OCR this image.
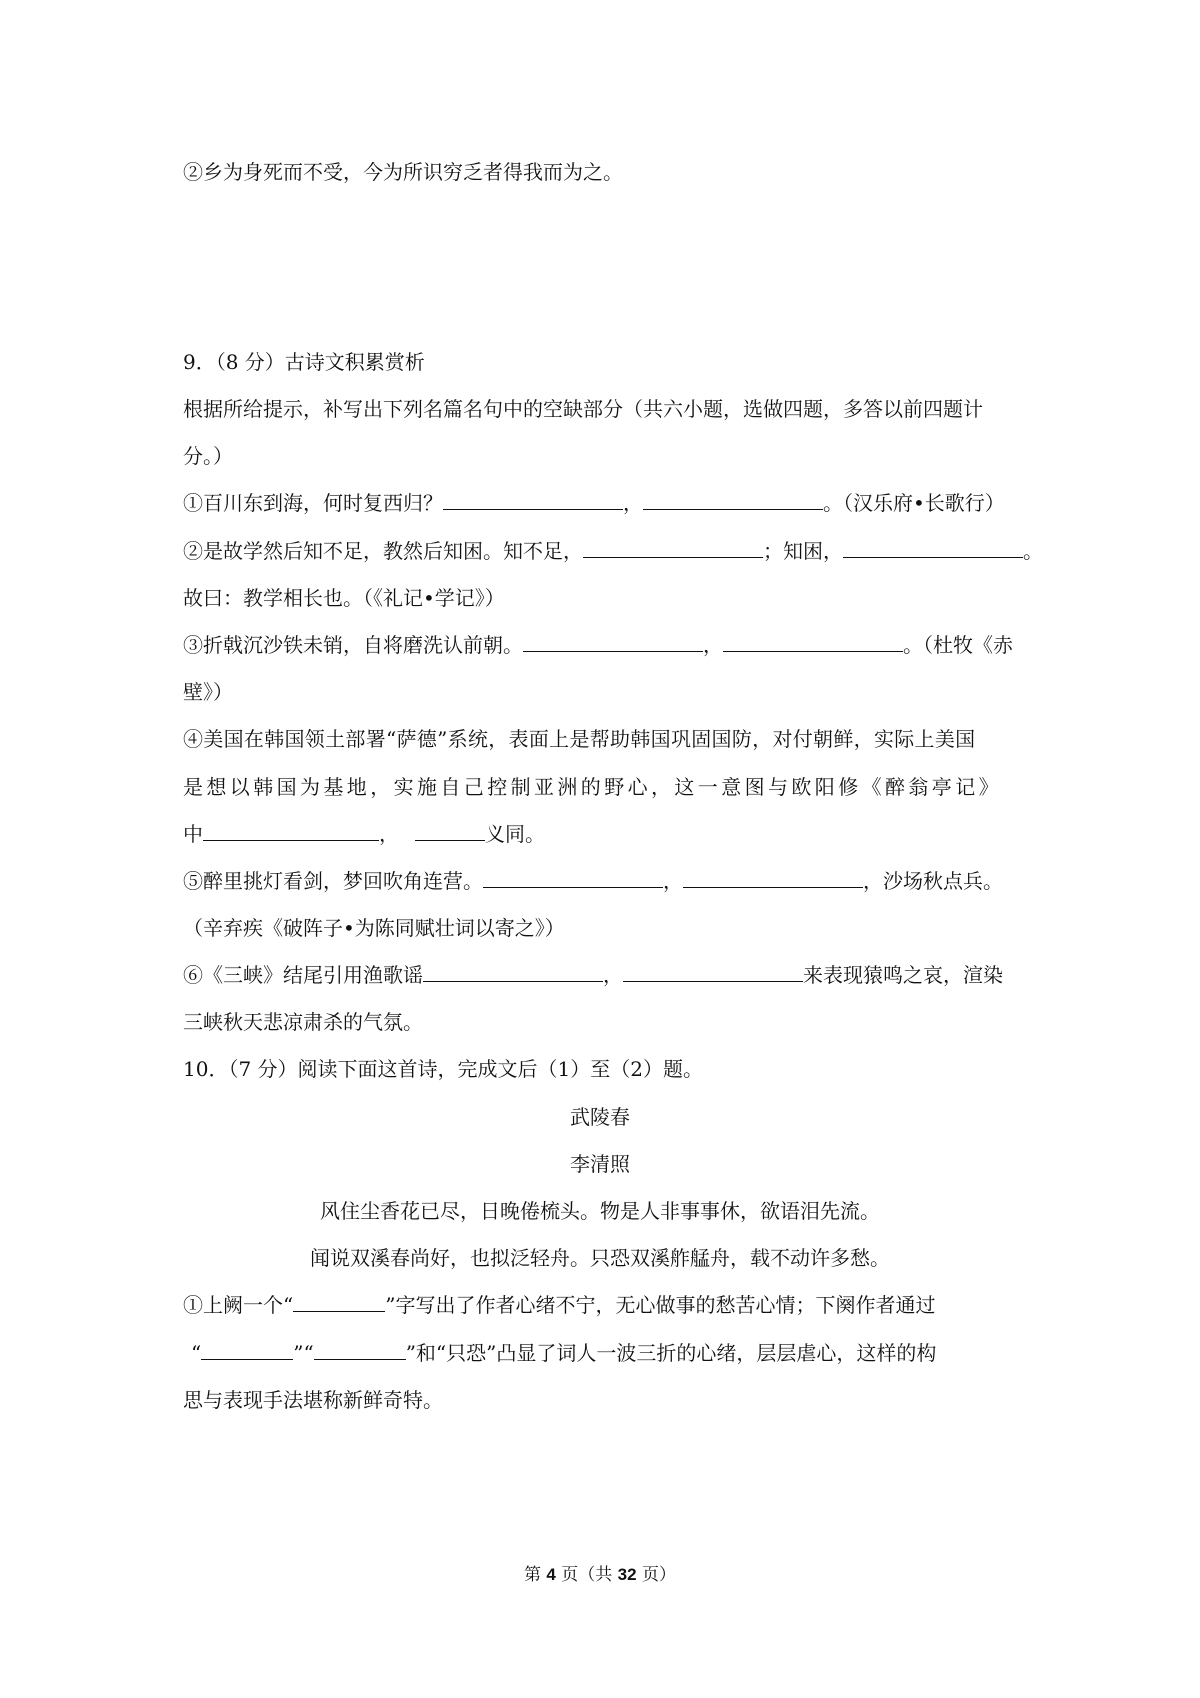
②乡为身死而不受，今为所识穷乏者得我而为之。
9．（8 分）古诗文积累赏析
根据所给提示，补写出下列名篇名句中的空缺部分（共六小题，选做四题，多答以前四题计
分。）
①百川东到海，何时复西归？	，	。（汉乐府•长歌行）
②是故学然后知不足，教然后知困。知不足，	；知困，	。
故曰：教学相长也。（《礼记•学记》）
③折戟沉沙铁未销，自将磨洗认前朝。	，	。（杜牧《赤
壁》）
④美国在韩国领土部署“萨德”系统，表面上是帮助韩国巩固国防，对付朝鲜，实际上美国
是想以韩国为基地，实施自己控制亚洲的野心，这一意图与欧阳修《醉翁亭记》
中	，	义同。
⑤醉里挑灯看剑，梦回吹角连营。	，	，沙场秋点兵。
（辛弃疾《破阵子•为陈同赋壮词以寄之》）
⑥《三峡》结尾引用渔歌谣	，	来表现猿鸣之哀，渲染
三峡秋天悲凉肃杀的气氛。
10．（7 分）阅读下面这首诗，完成文后（1）至（2）题。
武陵春
李清照
风住尘香花已尽，日晚倦梳头。物是人非事事休，欲语泪先流。
闻说双溪春尚好，也拟泛轻舟。只恐双溪舴艋舟，载不动许多愁。
①上阙一个“	”字写出了作者心绪不宁，无心做事的愁苦心情；下阕作者通过
“	”“	”和“只恐”凸显了词人一波三折的心绪，层层虐心，这样的构
思与表现手法堪称新鲜奇特。
第 4 页（共 32 页）
